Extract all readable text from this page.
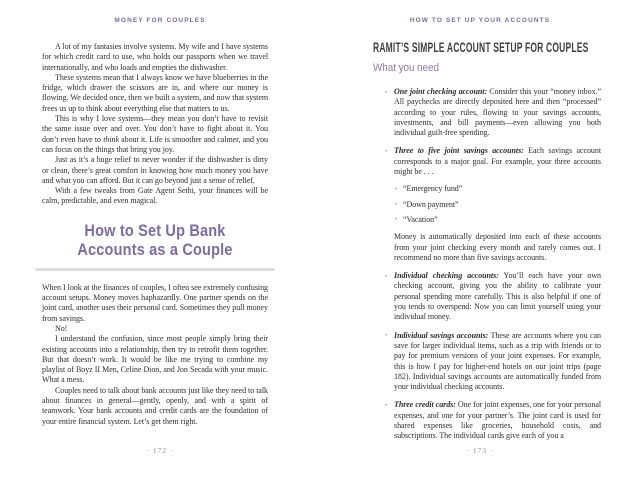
MONEY FOR COUPLES

A lot of my fantasies involve systems. My wife and I have systems for which credit card to use, who holds our passports when we travel internationally, and who loads and empties the dishwasher.

These systems mean that I always know we have blueberries in the fridge, which drawer the scissors are in, and where our money is flowing. We decided once, then we built a system, and now that system frees us up to think about everything else that matters to us.

This is why I love systems—they mean you don’t have to revisit the same issue over and over. You don’t have to fight about it. You don’t even have to think about it. Life is smoother and calmer, and you can focus on the things that bring you joy.

Just as it’s a huge relief to never wonder if the dishwasher is dirty or clean, there’s great comfort in knowing how much money you have and what you can afford. But it can go beyond just a sense of relief.

With a few tweaks from Gate Agent Sethi, your finances will be calm, predictable, and even magical.

How to Set Up Bank
Accounts as a Couple

When I look at the finances of couples, I often see extremely confusing account setups. Money moves haphazardly. One partner spends on the joint card, another uses their personal card. Sometimes they pull money from savings.

No!

I understand the confusion, since most people simply bring their existing accounts into a relationship, then try to retrofit them together. But that doesn’t work. It would be like me trying to combine my playlist of Boyz II Men, Celine Dion, and Jon Secada with your music. What a mess.

Couples need to talk about bank accounts just like they need to talk about finances in general—gently, openly, and with a spirit of teamwork. Your bank accounts and credit cards are the foundation of your entire financial system. Let’s get them right.

· 172 ·
HOW TO SET UP YOUR ACCOUNTS
RAMIT’S SIMPLE ACCOUNT SETUP FOR COUPLES
What you need
• One joint checking account: Consider this your “money inbox.” All paychecks are directly deposited here and then “processed” according to your rules, flowing to your savings accounts, investments, and bill payments—even allowing you both individual guilt-free spending.
• Three to five joint savings accounts: Each savings account corresponds to a major goal. For example, your three accounts might be . . .
• “Emergency fund”
• “Down payment”
• “Vacation”

Money is automatically deposited into each of these accounts from your joint checking every month and rarely comes out. I recommend no more than five savings accounts.

• Individual checking accounts: You’ll each have your own checking account, giving you the ability to calibrate your personal spending more carefully. This is also helpful if one of you tends to overspend: Now you can limit yourself using your individual money.
• Individual savings accounts: These are accounts where you can save for larger individual items, such as a trip with friends or to pay for premium versions of your joint expenses. For example, this is how I pay for higher-end hotels on our joint trips (page 182). Individual savings accounts are automatically funded from your individual checking accounts.
• Three credit cards: One for joint expenses, one for your personal expenses, and one for your partner’s. The joint card is used for shared expenses like groceries, household costs, and subscriptions. The individual cards give each of you a
· 173 ·
